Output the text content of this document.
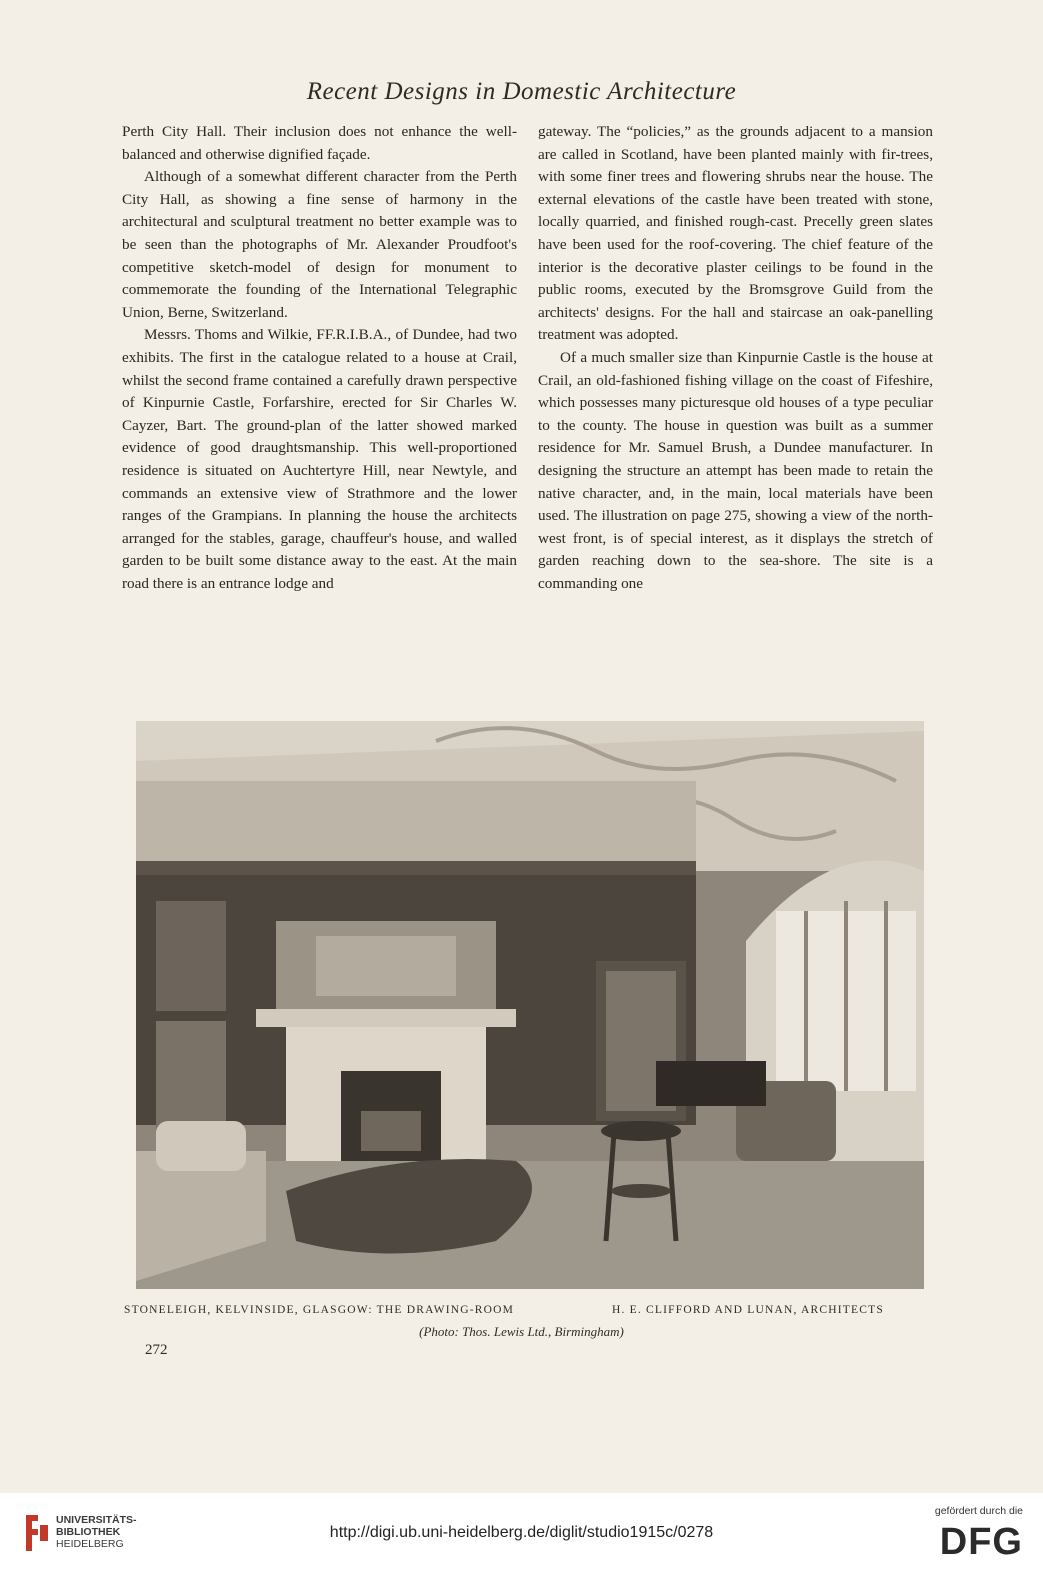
Recent Designs in Domestic Architecture

Perth City Hall. Their inclusion does not enhance the well-balanced and otherwise dignified façade.

Although of a somewhat different character from the Perth City Hall, as showing a fine sense of harmony in the architectural and sculptural treatment no better example was to be seen than the photographs of Mr. Alexander Proudfoot's competitive sketch-model of design for monument to commemorate the founding of the International Telegraphic Union, Berne, Switzerland.

Messrs. Thoms and Wilkie, FF.R.I.B.A., of Dundee, had two exhibits. The first in the catalogue related to a house at Crail, whilst the second frame contained a carefully drawn perspective of Kinpurnie Castle, Forfarshire, erected for Sir Charles W. Cayzer, Bart. The ground-plan of the latter showed marked evidence of good draughtsmanship. This well-proportioned residence is situated on Auchtertyre Hill, near Newtyle, and commands an extensive view of Strathmore and the lower ranges of the Grampians. In planning the house the architects arranged for the stables, garage, chauffeur's house, and walled garden to be built some distance away to the east. At the main road there is an entrance lodge and

gateway. The “policies,” as the grounds adjacent to a mansion are called in Scotland, have been planted mainly with fir-trees, with some finer trees and flowering shrubs near the house. The external elevations of the castle have been treated with stone, locally quarried, and finished rough-cast. Precelly green slates have been used for the roof-covering. The chief feature of the interior is the decorative plaster ceilings to be found in the public rooms, executed by the Bromsgrove Guild from the architects' designs. For the hall and staircase an oak-panelling treatment was adopted.

Of a much smaller size than Kinpurnie Castle is the house at Crail, an old-fashioned fishing village on the coast of Fifeshire, which possesses many picturesque old houses of a type peculiar to the county. The house in question was built as a summer residence for Mr. Samuel Brush, a Dundee manufacturer. In designing the structure an attempt has been made to retain the native character, and, in the main, local materials have been used. The illustration on page 275, showing a view of the north-west front, is of special interest, as it displays the stretch of garden reaching down to the sea-shore. The site is a commanding one

STONELEIGH, KELVINSIDE, GLASGOW: THE DRAWING-ROOM	H. E. CLIFFORD AND LUNAN, ARCHITECTS
(Photo: Thos. Lewis Ltd., Birmingham)
272
UNIVERSITÄTS-
BIBLIOTHEK
HEIDELBERG
http://digi.ub.uni-heidelberg.de/diglit/studio1915c/0278
gefördert durch die
DFG
